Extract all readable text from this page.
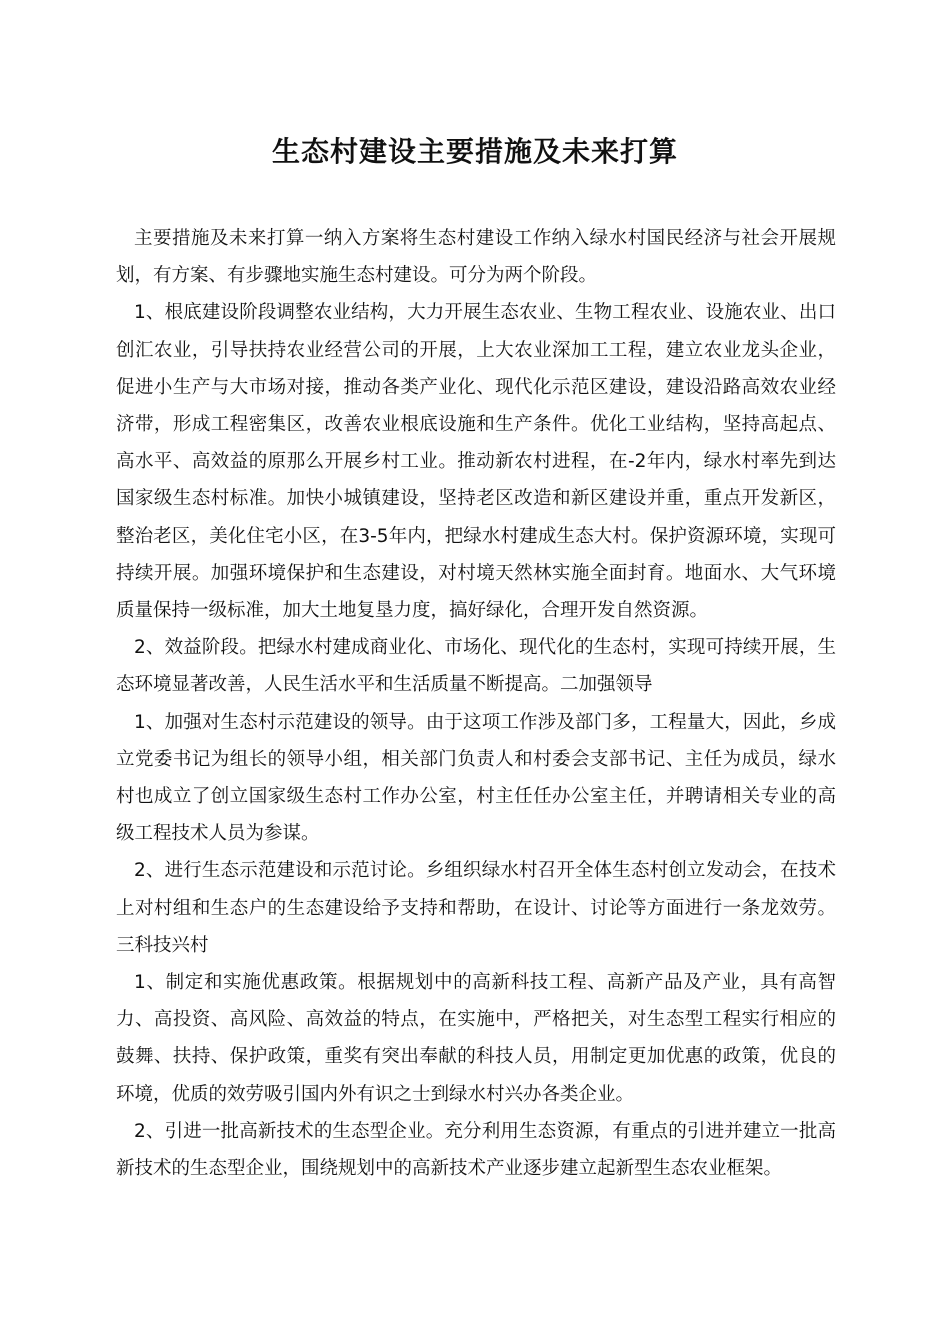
生态村建设主要措施及未来打算

主要措施及未来打算一纳入方案将生态村建设工作纳入绿水村国民经济与社会开展规划，有方案、有步骤地实施生态村建设。可分为两个阶段。

1、根底建设阶段调整农业结构，大力开展生态农业、生物工程农业、设施农业、出口创汇农业，引导扶持农业经营公司的开展，上大农业深加工工程，建立农业龙头企业，促进小生产与大市场对接，推动各类产业化、现代化示范区建设，建设沿路高效农业经济带，形成工程密集区，改善农业根底设施和生产条件。优化工业结构，坚持高起点、高水平、高效益的原那么开展乡村工业。推动新农村进程，在-2年内，绿水村率先到达国家级生态村标准。加快小城镇建设，坚持老区改造和新区建设并重，重点开发新区，整治老区，美化住宅小区，在3-5年内，把绿水村建成生态大村。保护资源环境，实现可持续开展。加强环境保护和生态建设，对村境天然林实施全面封育。地面水、大气环境质量保持一级标准，加大土地复垦力度，搞好绿化，合理开发自然资源。

2、效益阶段。把绿水村建成商业化、市场化、现代化的生态村，实现可持续开展，生态环境显著改善，人民生活水平和生活质量不断提高。二加强领导

1、加强对生态村示范建设的领导。由于这项工作涉及部门多，工程量大，因此，乡成立党委书记为组长的领导小组，相关部门负责人和村委会支部书记、主任为成员，绿水村也成立了创立国家级生态村工作办公室，村主任任办公室主任，并聘请相关专业的高级工程技术人员为参谋。

2、进行生态示范建设和示范讨论。乡组织绿水村召开全体生态村创立发动会，在技术上对村组和生态户的生态建设给予支持和帮助，在设计、讨论等方面进行一条龙效劳。三科技兴村

1、制定和实施优惠政策。根据规划中的高新科技工程、高新产品及产业，具有高智力、高投资、高风险、高效益的特点，在实施中，严格把关，对生态型工程实行相应的鼓舞、扶持、保护政策，重奖有突出奉献的科技人员，用制定更加优惠的政策，优良的环境，优质的效劳吸引国内外有识之士到绿水村兴办各类企业。

2、引进一批高新技术的生态型企业。充分利用生态资源，有重点的引进并建立一批高新技术的生态型企业，围绕规划中的高新技术产业逐步建立起新型生态农业框架。
